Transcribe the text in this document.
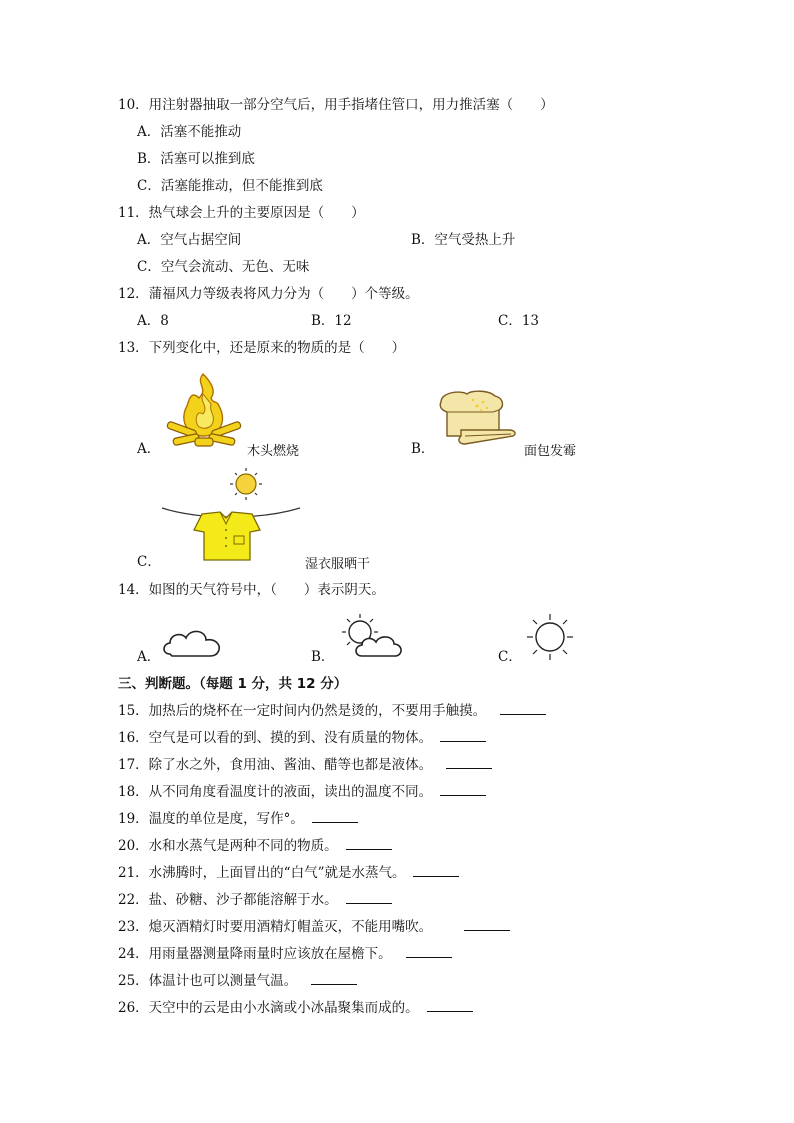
10．用注射器抽取一部分空气后，用手指堵住管口，用力推活塞（　　）
A．活塞不能推动
B．活塞可以推到底
C．活塞能推动，但不能推到底
11．热气球会上升的主要原因是（　　）
A．空气占据空间	B．空气受热上升
C．空气会流动、无色、无味
12．蒲福风力等级表将风力分为（　　）个等级。
A．8	B．12	C．13
13．下列变化中，还是原来的物质的是（　　）
A．	木头燃烧	B．	面包发霉
C．	湿衣服晒干
14．如图的天气符号中，（　　）表示阴天。
A．	B．	C．
三、判断题。（每题 1 分，共 12 分）
15．加热后的烧杯在一定时间内仍然是烫的，不要用手触摸。
16．空气是可以看的到、摸的到、没有质量的物体。
17．除了水之外，食用油、酱油、醋等也都是液体。
18．从不同角度看温度计的液面，读出的温度不同。
19．温度的单位是度，写作°。
20．水和水蒸气是两种不同的物质。
21．水沸腾时，上面冒出的“白气”就是水蒸气。
22．盐、砂糖、沙子都能溶解于水。
23．熄灭酒精灯时要用酒精灯帽盖灭，不能用嘴吹。
24．用雨量器测量降雨量时应该放在屋檐下。
25．体温计也可以测量气温。
26．天空中的云是由小水滴或小冰晶聚集而成的。
